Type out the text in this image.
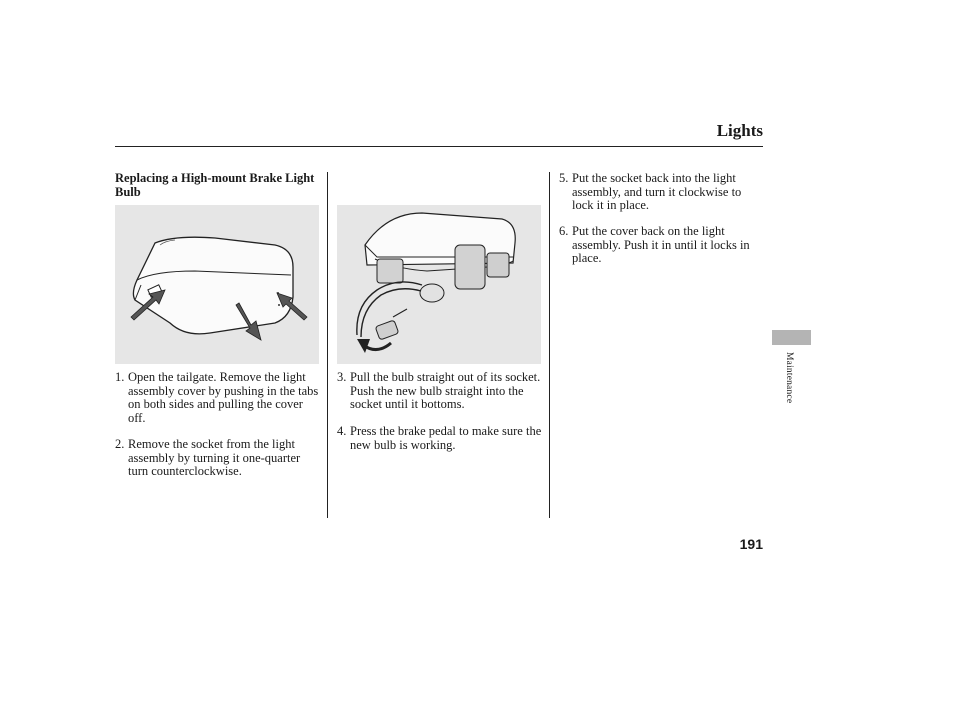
Lights
Replacing a High-mount Brake Light Bulb
1. Open the tailgate. Remove the light assembly cover by pushing in the tabs on both sides and pulling the cover off.
2. Remove the socket from the light assembly by turning it one-quarter turn counterclockwise.
3. Pull the bulb straight out of its socket. Push the new bulb straight into the socket until it bottoms.
4. Press the brake pedal to make sure the new bulb is working.
5. Put the socket back into the light assembly, and turn it clockwise to lock it in place.
6. Put the cover back on the light assembly. Push it in until it locks in place.
Maintenance
191
